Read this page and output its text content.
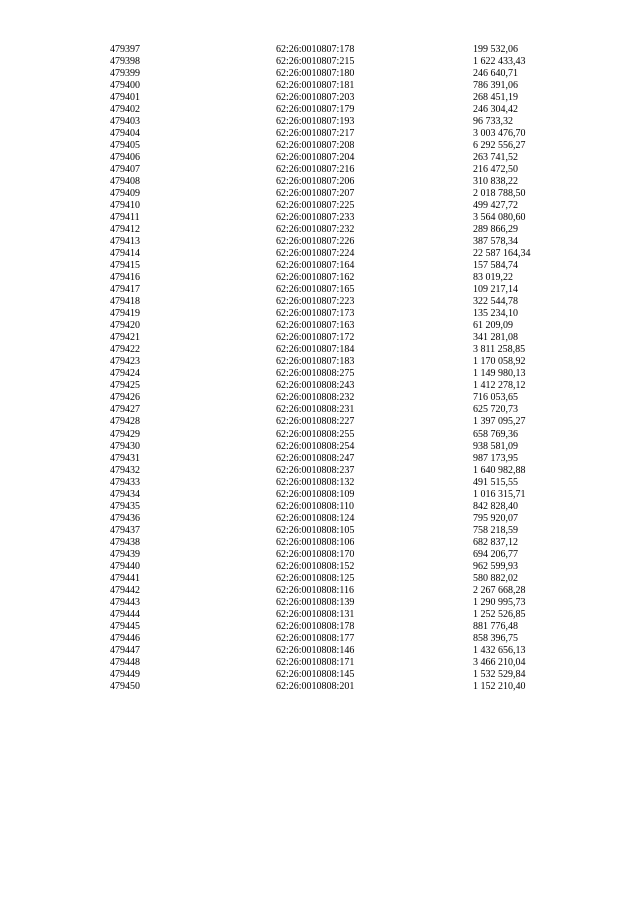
479397	62:26:0010807:178	199 532,06
479398	62:26:0010807:215	1 622 433,43
479399	62:26:0010807:180	246 640,71
479400	62:26:0010807:181	786 391,06
479401	62:26:0010807:203	268 451,19
479402	62:26:0010807:179	246 304,42
479403	62:26:0010807:193	96 733,32
479404	62:26:0010807:217	3 003 476,70
479405	62:26:0010807:208	6 292 556,27
479406	62:26:0010807:204	263 741,52
479407	62:26:0010807:216	216 472,50
479408	62:26:0010807:206	310 838,22
479409	62:26:0010807:207	2 018 788,50
479410	62:26:0010807:225	499 427,72
479411	62:26:0010807:233	3 564 080,60
479412	62:26:0010807:232	289 866,29
479413	62:26:0010807:226	387 578,34
479414	62:26:0010807:224	22 587 164,34
479415	62:26:0010807:164	157 584,74
479416	62:26:0010807:162	83 019,22
479417	62:26:0010807:165	109 217,14
479418	62:26:0010807:223	322 544,78
479419	62:26:0010807:173	135 234,10
479420	62:26:0010807:163	61 209,09
479421	62:26:0010807:172	341 281,08
479422	62:26:0010807:184	3 811 258,85
479423	62:26:0010807:183	1 170 058,92
479424	62:26:0010808:275	1 149 980,13
479425	62:26:0010808:243	1 412 278,12
479426	62:26:0010808:232	716 053,65
479427	62:26:0010808:231	625 720,73
479428	62:26:0010808:227	1 397 095,27
479429	62:26:0010808:255	658 769,36
479430	62:26:0010808:254	938 581,09
479431	62:26:0010808:247	987 173,95
479432	62:26:0010808:237	1 640 982,88
479433	62:26:0010808:132	491 515,55
479434	62:26:0010808:109	1 016 315,71
479435	62:26:0010808:110	842 828,40
479436	62:26:0010808:124	795 920,07
479437	62:26:0010808:105	758 218,59
479438	62:26:0010808:106	682 837,12
479439	62:26:0010808:170	694 206,77
479440	62:26:0010808:152	962 599,93
479441	62:26:0010808:125	580 882,02
479442	62:26:0010808:116	2 267 668,28
479443	62:26:0010808:139	1 290 995,73
479444	62:26:0010808:131	1 252 526,85
479445	62:26:0010808:178	881 776,48
479446	62:26:0010808:177	858 396,75
479447	62:26:0010808:146	1 432 656,13
479448	62:26:0010808:171	3 466 210,04
479449	62:26:0010808:145	1 532 529,84
479450	62:26:0010808:201	1 152 210,40
